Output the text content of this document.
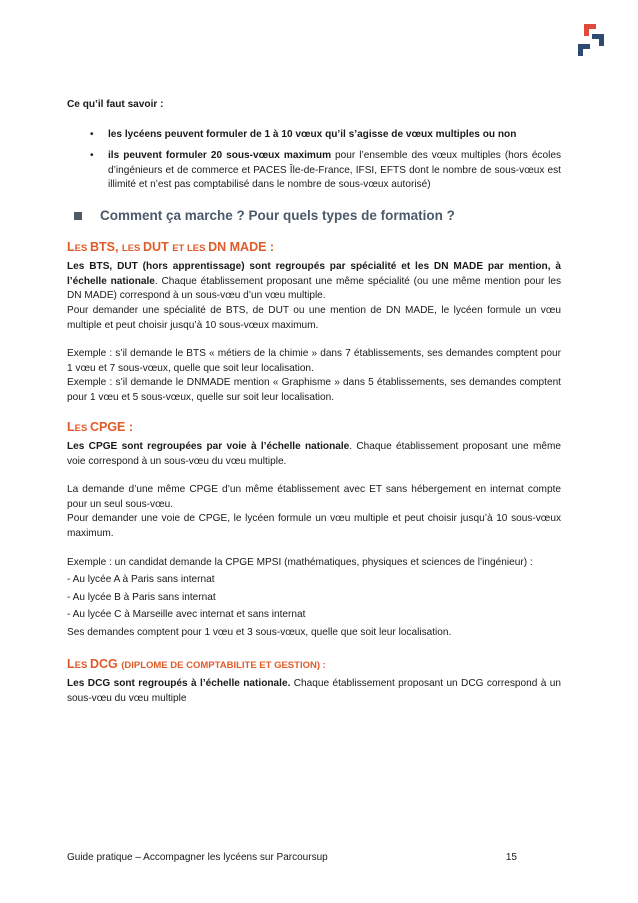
Ce qu’il faut savoir :

• les lycéens peuvent formuler de 1 à 10 vœux qu’il s’agisse de vœux multiples ou non
• ils peuvent formuler 20 sous-vœux maximum pour l’ensemble des vœux multiples (hors écoles d’ingénieurs et de commerce et PACES Île-de-France, IFSI, EFTS dont le nombre de sous-vœux est illimité et n’est pas comptabilisé dans le nombre de sous-vœux autorisé)
Comment ça marche ? Pour quels types de formation ?
LES BTS, LES DUT ET LES DN MADE :

Les BTS, DUT (hors apprentissage) sont regroupés par spécialité et les DN MADE par mention, à l’échelle nationale. Chaque établissement proposant une même spécialité (ou une même mention pour les DN MADE) correspond à un sous-vœu d’un vœu multiple.

Pour demander une spécialité de BTS, de DUT ou une mention de DN MADE, le lycéen formule un vœu multiple et peut choisir jusqu’à 10 sous-vœux maximum.

Exemple : s’il demande le BTS « métiers de la chimie » dans 7 établissements, ses demandes comptent pour 1 vœu et 7 sous-vœux, quelle que soit leur localisation.

Exemple : s’il demande le DNMADE mention « Graphisme » dans 5 établissements, ses demandes comptent pour 1 vœu et 5 sous-vœux, quelle sur soit leur localisation.

LES CPGE :

Les CPGE sont regroupées par voie à l’échelle nationale. Chaque établissement proposant une même voie correspond à un sous-vœu du vœu multiple.

La demande d’une même CPGE d’un même établissement avec ET sans hébergement en internat compte pour un seul sous-vœu.

Pour demander une voie de CPGE, le lycéen formule un vœu multiple et peut choisir jusqu’à 10 sous-vœux maximum.

Exemple : un candidat demande la CPGE MPSI (mathématiques, physiques et sciences de l’ingénieur) :

- Au lycée A à Paris sans internat

- Au lycée B à Paris sans internat

- Au lycée C à Marseille avec internat et sans internat

Ses demandes comptent pour 1 vœu et 3 sous-vœux, quelle que soit leur localisation.

LES DCG (DIPLOME DE COMPTABILITE ET GESTION) :

Les DCG sont regroupés à l’échelle nationale. Chaque établissement proposant un DCG correspond à un sous-vœu du vœu multiple

Guide pratique – Accompagner les lycéens sur Parcoursup	15
